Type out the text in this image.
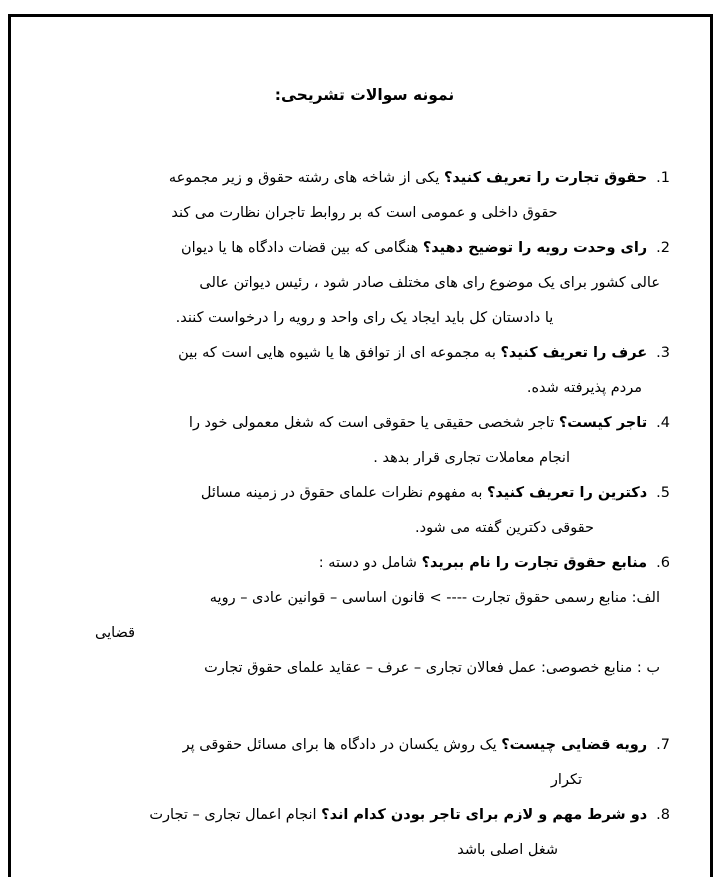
نمونه سوالات تشریحی:
1.حقوق تجارت را تعریف کنید؟ یکی از شاخه های رشته حقوق و زیر مجموعه
حقوق داخلی و عمومی است که بر روابط تاجران نظارت می کند
2.رای وحدت رویه را توضیح دهید؟ هنگامی که بین قضات دادگاه ها یا دیوان
عالی کشور برای یک موضوع رای های مختلف صادر شود ، رئیس دیواتن عالی
یا دادستان کل باید ایجاد یک رای واحد و رویه را درخواست کنند.
3.عرف را تعریف کنید؟ به مجموعه ای از توافق ها یا شیوه هایی است که بین
مردم پذیرفته شده.
4.تاجر کیست؟ تاجر شخصی حقیقی یا حقوقی است که شغل معمولی خود را
انجام معاملات تجاری قرار بدهد .
5.دکترین را تعریف کنید؟ به مفهوم نظرات علمای حقوق در زمینه مسائل
حقوقی دکترین گفته می شود.
6.منابع حقوق تجارت را نام ببرید؟ شامل دو دسته :
الف: منابع رسمی حقوق تجارت ---- > قانون اساسی – قوانین عادی – رویه
قضایی
ب : منابع خصوصی: عمل فعالان تجاری – عرف – عقاید علمای حقوق تجارت
7.رویه قضایی چیست؟ یک روش یکسان در دادگاه ها برای مسائل حقوقی پر
تکرار
8.دو شرط مهم و لازم برای تاجر بودن کدام اند؟ انجام اعمال تجاری – تجارت
شغل اصلی باشد
